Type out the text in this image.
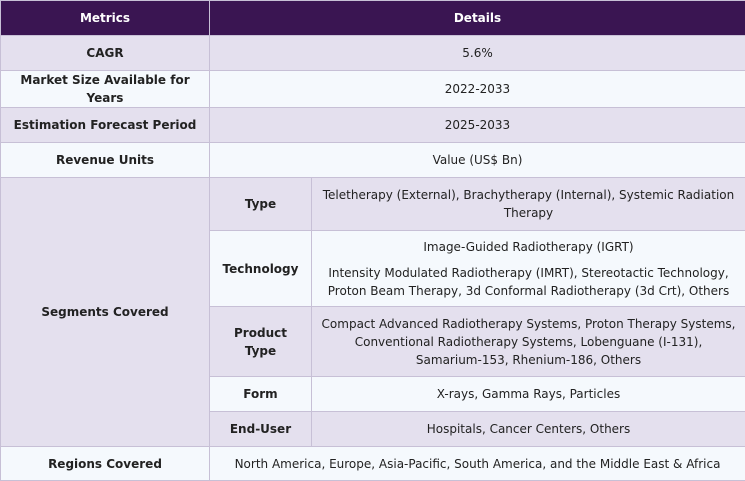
Metrics	Details	
CAGR	5.6%	
Market Size Available for Years	2022-2033	
Estimation Forecast Period	2025-2033	
Revenue Units	Value (US$ Bn)	
Segments Covered	Type	Teletherapy (External), Brachytherapy (Internal), Systemic Radiation Therapy
	Technology	Image-Guided Radiotherapy (IGRT)

Intensity Modulated Radiotherapy (IMRT), Stereotactic Technology, Proton Beam Therapy, 3d Conformal Radiotherapy (3d Crt), Others

	Product Type	Compact Advanced Radiotherapy Systems, Proton Therapy Systems, Conventional Radiotherapy Systems, Lobenguane (I-131), Samarium-153, Rhenium-186, Others
	Form	X-rays, Gamma Rays, Particles
	End-User	Hospitals, Cancer Centers, Others
Regions Covered	North America, Europe, Asia-Pacific, South America, and the Middle East & Africa	
